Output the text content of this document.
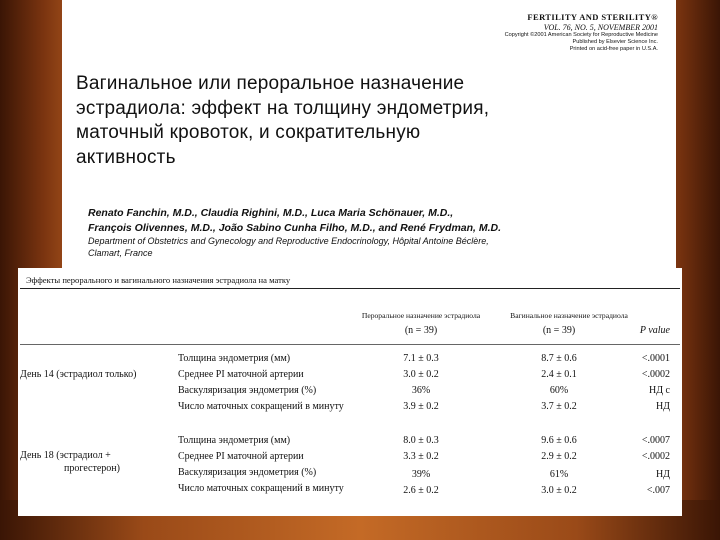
FERTILITY AND STERILITY®
VOL. 76, NO. 5, NOVEMBER 2001
Copyright ©2001 American Society for Reproductive Medicine
Published by Elsevier Science Inc.
Printed on acid-free paper in U.S.A.
Вагинальное или пероральное назначение
эстрадиола: эффект на толщину эндометрия,
маточный кровоток, и сократительную
активность
Renato Fanchin, M.D., Claudia Righini, M.D., Luca Maria Schönauer, M.D.,
François Olivennes, M.D., João Sabino Cunha Filho, M.D., and René Frydman, M.D.
Department of Obstetrics and Gynecology and Reproductive Endocrinology, Hôpital Antoine Béclère,
Clamart, France
Эффекты перорального и вагинального назначения эстрадиола на матку
Пероральное назначение эстрадиола	Вагинальное назначение эстрадиола
(n = 39)	(n = 39)	P value
День 14 (эстрадиол только)
Толщина эндометрия (мм)	7.1 ± 0.3	8.7 ± 0.6	<.0001
Среднее PI маточной артерии	3.0 ± 0.2	2.4 ± 0.1	<.0002
Васкуляризация эндометрия (%)	36%	60%	НД c
Число маточных сокращений в минуту	3.9 ± 0.2	3.7 ± 0.2	НД
День 18 (эстрадиол +
прогестерон)
Толщина эндометрия (мм)	8.0 ± 0.3	9.6 ± 0.6	<.0007
Среднее PI маточной артерии	3.3 ± 0.2	2.9 ± 0.2	<.0002
Васкуляризация эндометрия (%)	39%	61%	НД
Число маточных сокращений в минуту	2.6 ± 0.2	3.0 ± 0.2	<.007
